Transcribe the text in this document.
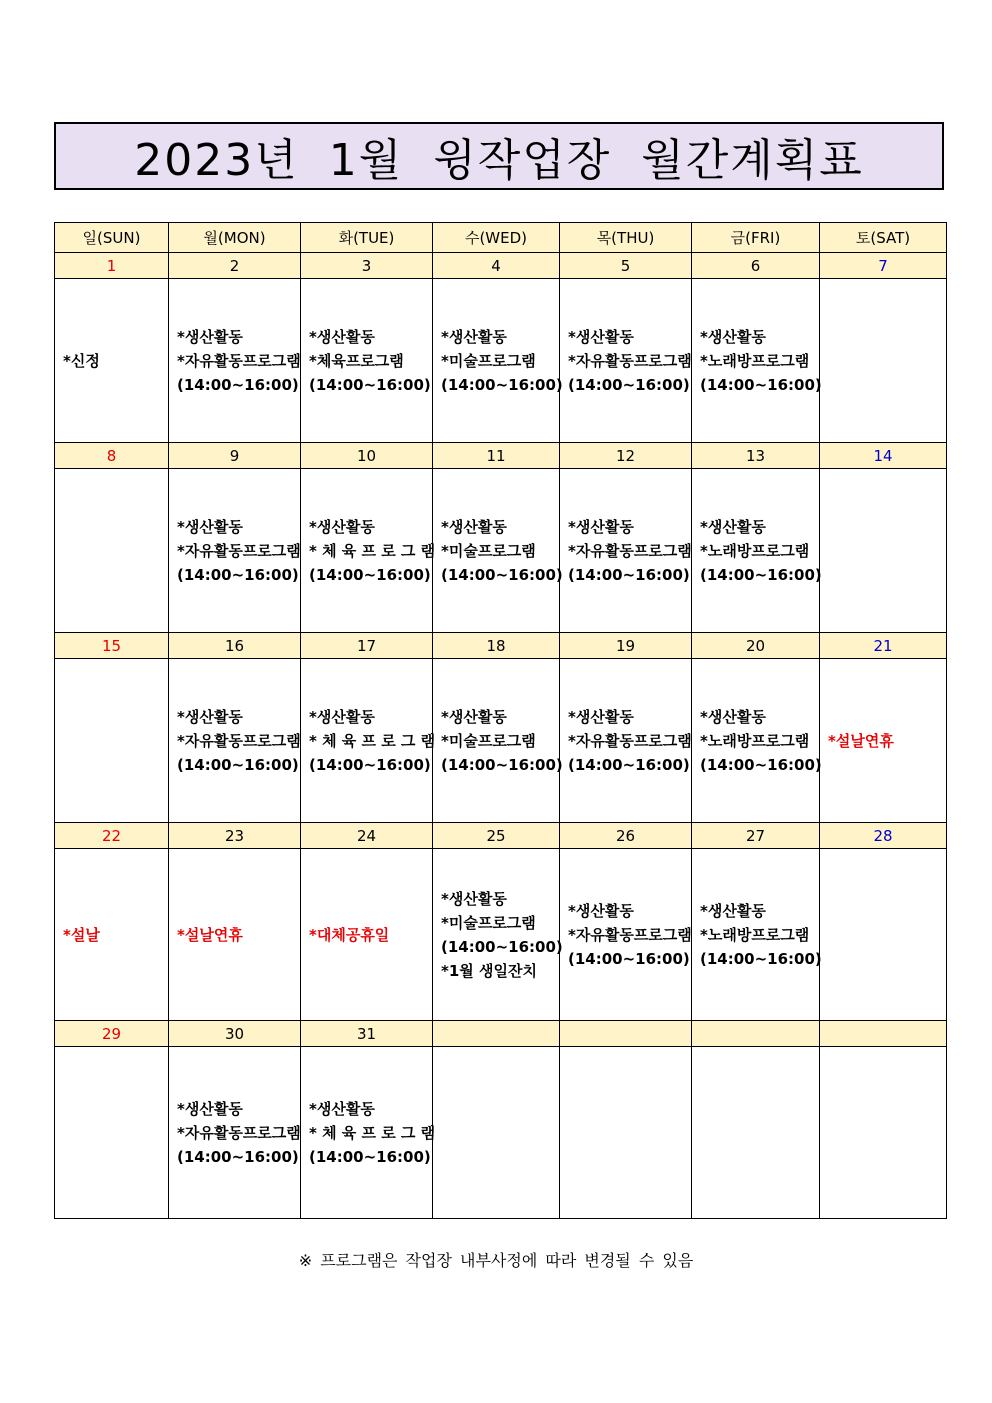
2023년 1월 윙작업장 월간계획표
일(SUN)	월(MON)	화(TUE)	수(WED)	목(THU)	금(FRI)	토(SAT)
1	2	3	4	5	6	7

*신정	*생산활동
*자유활동프로그램
(14:00~16:00)	*생산활동
*체육프로그램
(14:00~16:00)	*생산활동
*미술프로그램
(14:00~16:00)	*생산활동
*자유활동프로그램
(14:00~16:00)	*생산활동
*노래방프로그램
(14:00~16:00)	

8	9	10	11	12	13	14

	*생산활동
*자유활동프로그램
(14:00~16:00)	*생산활동
* 체 육 프 로 그 램
(14:00~16:00)	*생산활동
*미술프로그램
(14:00~16:00)	*생산활동
*자유활동프로그램
(14:00~16:00)	*생산활동
*노래방프로그램
(14:00~16:00)	

15	16	17	18	19	20	21

	*생산활동
*자유활동프로그램
(14:00~16:00)	*생산활동
* 체 육 프 로 그 램
(14:00~16:00)	*생산활동
*미술프로그램
(14:00~16:00)	*생산활동
*자유활동프로그램
(14:00~16:00)	*생산활동
*노래방프로그램
(14:00~16:00)	*설날연휴

22	23	24	25	26	27	28

*설날	*설날연휴	*대체공휴일	*생산활동
*미술프로그램
(14:00~16:00)
*1월 생일잔치	*생산활동
*자유활동프로그램
(14:00~16:00)	*생산활동
*노래방프로그램
(14:00~16:00)	

29	30	31				

	*생산활동
*자유활동프로그램
(14:00~16:00)	*생산활동
* 체 육 프 로 그 램
(14:00~16:00)				

※ 프로그램은 작업장 내부사정에 따라 변경될 수 있음
